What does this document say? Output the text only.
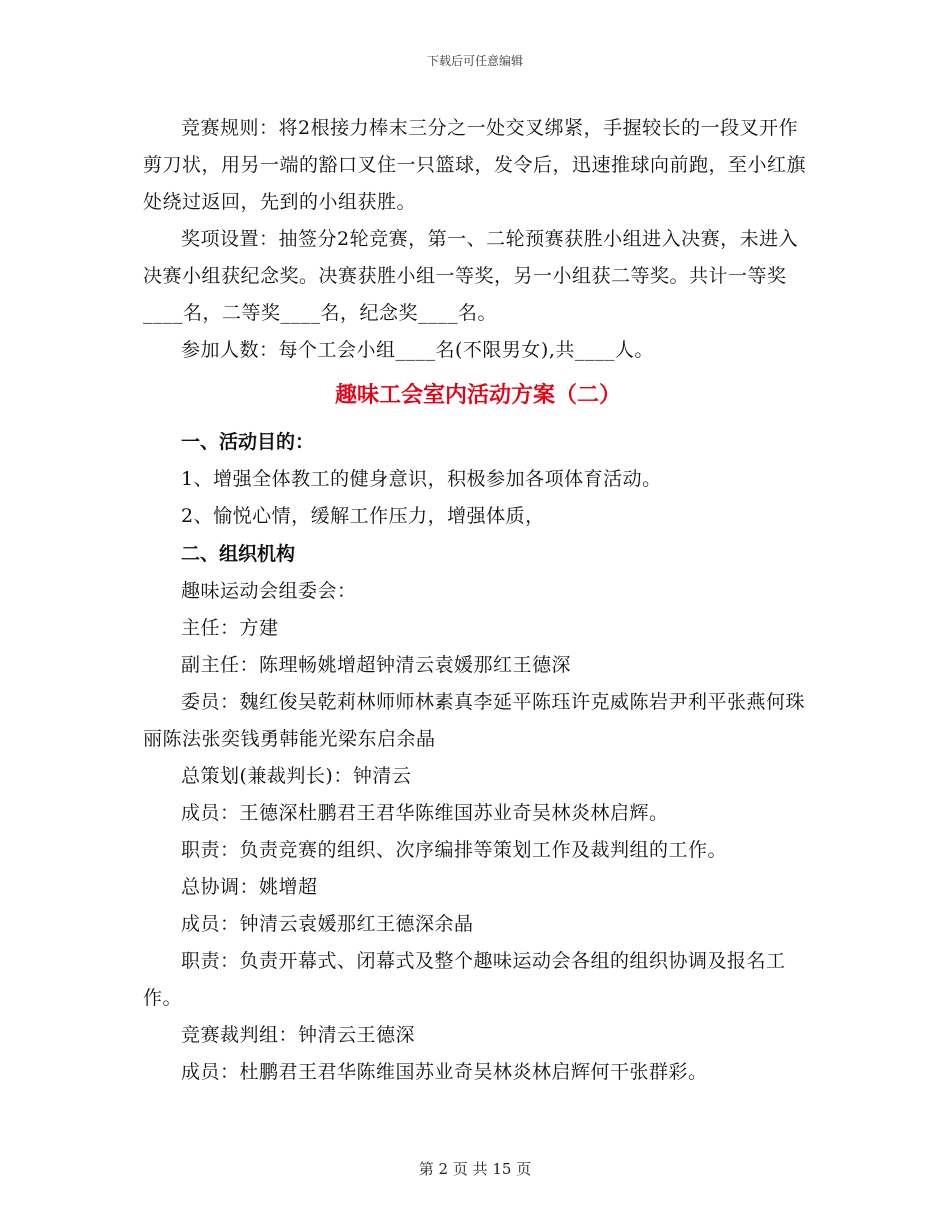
下载后可任意编辑

竞赛规则：将2根接力棒末三分之一处交叉绑紧，手握较长的一段叉开作剪刀状，用另一端的豁口叉住一只篮球，发令后，迅速推球向前跑，至小红旗处绕过返回，先到的小组获胜。

奖项设置：抽签分2轮竞赛，第一、二轮预赛获胜小组进入决赛，未进入决赛小组获纪念奖。决赛获胜小组一等奖，另一小组获二等奖。共计一等奖____名，二等奖____名，纪念奖____名。

参加人数：每个工会小组____名(不限男女),共____人。

趣味工会室内活动方案（二）

一、活动目的：

1、增强全体教工的健身意识，积极参加各项体育活动。

2、愉悦心情，缓解工作压力，增强体质，

二、组织机构

趣味运动会组委会：

主任：方建

副主任：陈理畅姚增超钟清云袁媛那红王德深

委员：魏红俊吴乾莉林师师林素真李延平陈珏许克威陈岩尹利平张燕何珠丽陈法张奕钱勇韩能光梁东启余晶

总策划(兼裁判长)：钟清云

成员：王德深杜鹏君王君华陈维国苏业奇吴林炎林启辉。

职责：负责竞赛的组织、次序编排等策划工作及裁判组的工作。

总协调：姚增超

成员：钟清云袁媛那红王德深余晶

职责：负责开幕式、闭幕式及整个趣味运动会各组的组织协调及报名工作。

竞赛裁判组：钟清云王德深

成员：杜鹏君王君华陈维国苏业奇吴林炎林启辉何干张群彩。

第 2 页 共 15 页
